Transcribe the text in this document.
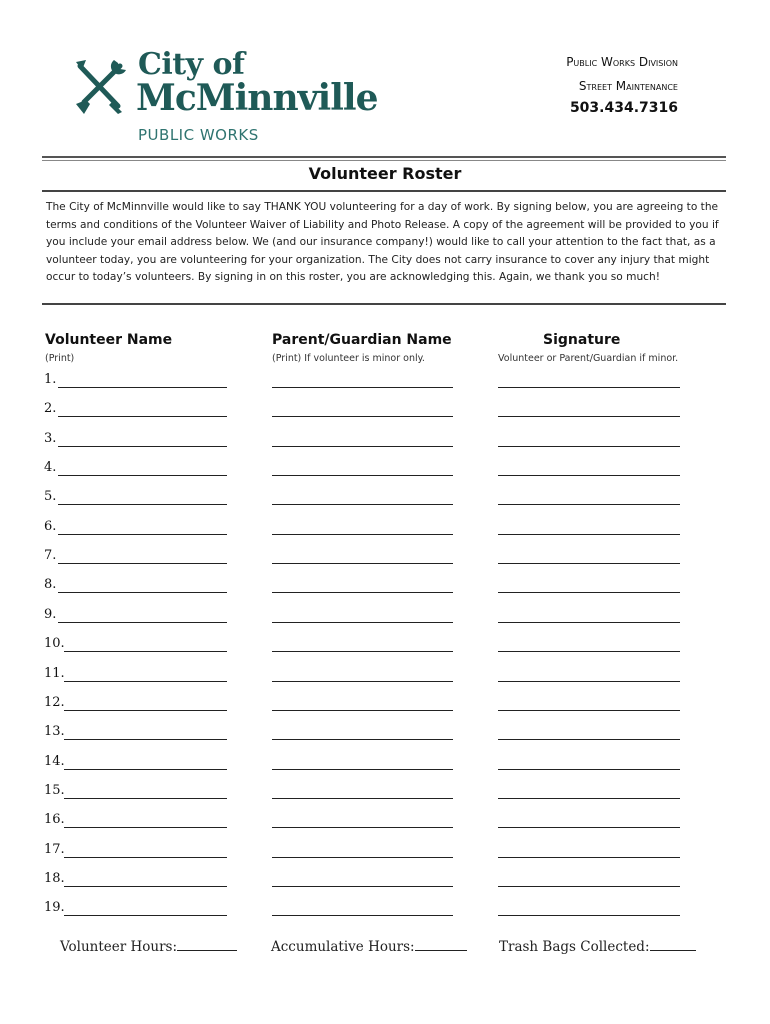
City of
McMinnville
PUBLIC WORKS
Public Works Division
Street Maintenance
503.434.7316
Volunteer Roster
The City of McMinnville would like to say THANK YOU volunteering for a day of work. By signing below, you are agreeing to the terms and conditions of the Volunteer Waiver of Liability and Photo Release. A copy of the agreement will be provided to you if you include your email address below. We (and our insurance company!) would like to call your attention to the fact that, as a volunteer today, you are volunteering for your organization. The City does not carry insurance to cover any injury that might occur to today’s volunteers. By signing in on this roster, you are acknowledging this. Again, we thank you so much!
Volunteer Name
(Print)
Parent/Guardian Name
(Print) If volunteer is minor only.
Signature
Volunteer or Parent/Guardian if minor.
1.
2.
3.
4.
5.
6.
7.
8.
9.
10.
11.
12.
13.
14.
15.
16.
17.
18.
19.
Volunteer Hours:	Accumulative Hours:	Trash Bags Collected:
